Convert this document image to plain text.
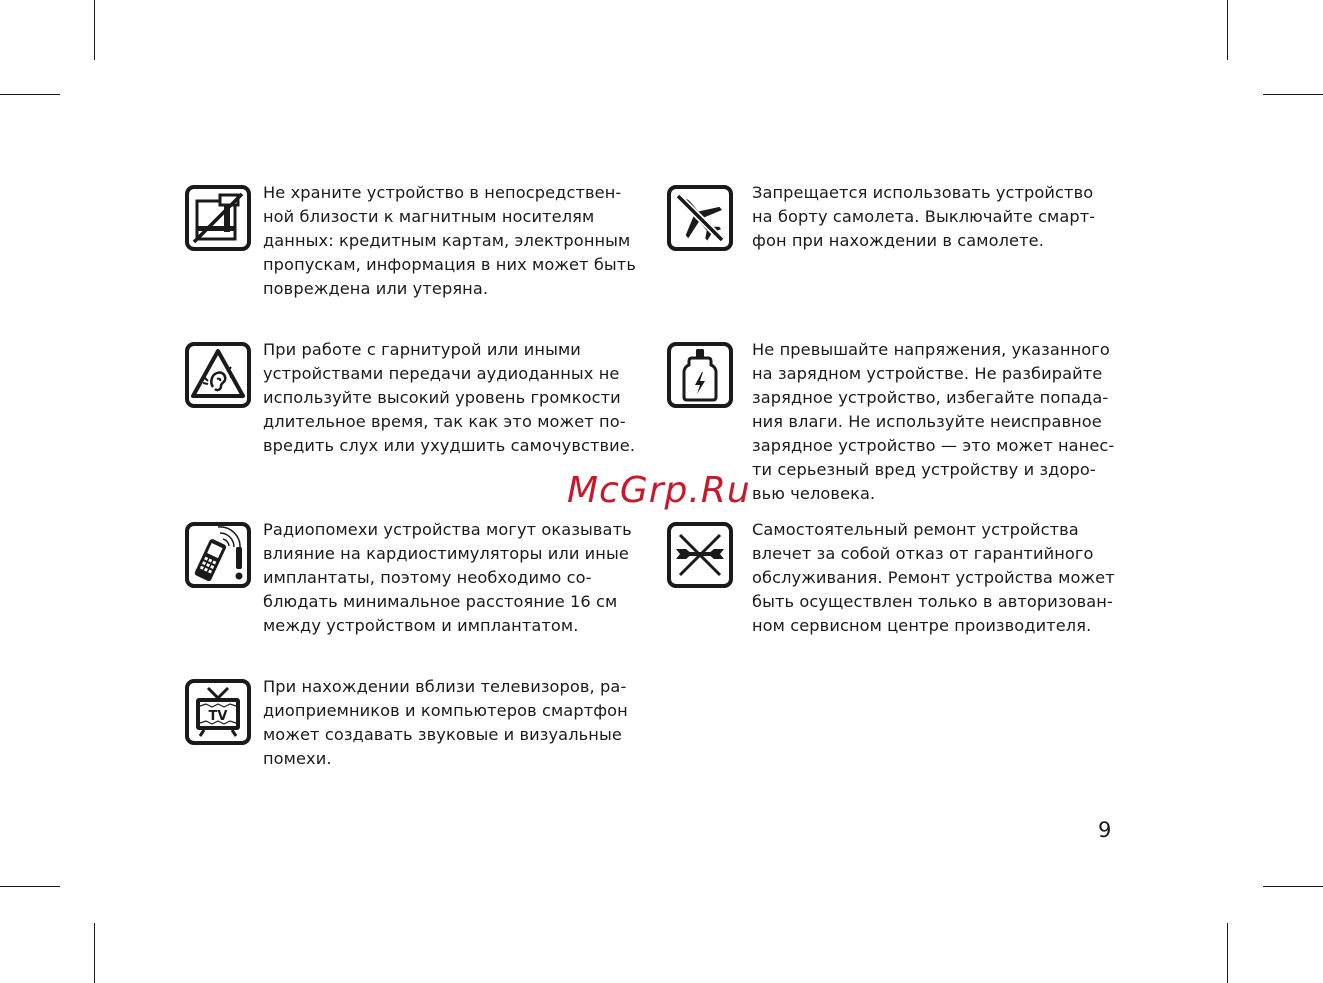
Не храните устройство в непосредствен-
ной близости к магнитным носителям
данных: кредитным картам, электронным
пропускам, информация в них может быть
повреждена или утеряна.
Запрещается использовать устройство
на борту самолета. Выключайте смарт-
фон при нахождении в самолете.
При работе с гарнитурой или иными
устройствами передачи аудиоданных не
используйте высокий уровень громкости
длительное время, так как это может по-
вредить слух или ухудшить самочувствие.
Не превышайте напряжения, указанного
на зарядном устройстве. Не разбирайте
зарядное устройство, избегайте попада-
ния влаги. Не используйте неисправное
зарядное устройство — это может нанес-
ти серьезный вред устройству и здоро-
вью человека.
Радиопомехи устройства могут оказывать
влияние на кардиостимуляторы или иные
имплантаты, поэтому необходимо со-
блюдать минимальное расстояние 16 см
между устройством и имплантатом.
Самостоятельный ремонт устройства
влечет за собой отказ от гарантийного
обслуживания. Ремонт устройства может
быть осуществлен только в авторизован-
ном сервисном центре производителя.
TV
При нахождении вблизи телевизоров, ра-
диоприемников и компьютеров смартфон
может создавать звуковые и визуальные
помехи.
McGrp.Ru
9
